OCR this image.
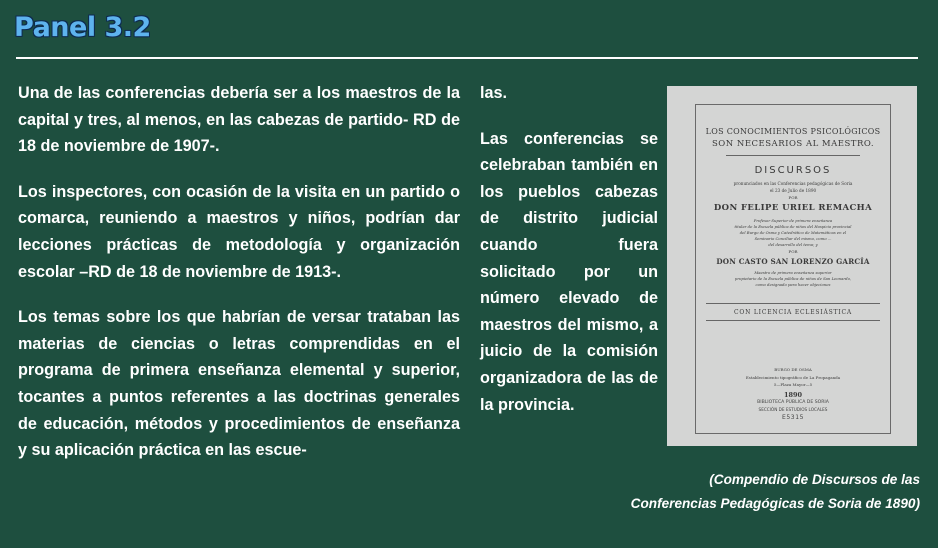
Panel 3.2

Una de las conferencias debería ser a los maestros de la capital y tres, al menos, en las cabezas de partido- RD de 18 de noviembre de 1907-.

Los inspectores, con ocasión de la visita en un partido o comarca, reuniendo a maestros y niños, podrían dar lecciones prácticas de metodología y organización escolar –RD de 18 de noviembre de 1913-.

Los temas sobre los que habrían de versar trataban las materias de ciencias o letras comprendidas en el programa de primera enseñanza elemental y superior, tocantes a puntos referentes a las doctrinas generales de educación, métodos y procedimientos de enseñanza y su aplicación práctica en las escue-

las.

Las conferencias se celebraban también en los pueblos cabezas de distrito judicial cuando fuera solicitado por un número elevado de maestros del mismo, a juicio de la comisión organizadora de las de la provincia.

LOS CONOCIMIENTOS PSICOLÓGICOS
SON NECESARIOS AL MAESTRO.
DISCURSOS
pronunciados en las Conferencias pedagógicas de Soria
el 23 de Julio de 1890
POR
DON FELIPE URIEL REMACHA
Profesor Superior de primera enseñanza
titular de la Escuela pública de niños del Hospicio provincial
del Burgo de Osma y Catedrático de Matemáticas en el
Seminario Conciliar del mismo, como ...
del desarrollo del tema; y
POR
DON CASTO SAN LORENZO GARCÍA
Maestro de primera enseñanza superior
propietario de la Escuela pública de niños de San Leonardo,
como designado para hacer objeciones
CON LICENCIA ECLESIÁSTICA
BURGO DE OSMA
Establecimiento tipográfico de La Propaganda
5—Plaza Mayor—5
1890
BIBLIOTECA PÚBLICA DE SORIA
SECCIÓN DE ESTUDIOS LOCALES
E5315
(Compendio de Discursos de las
Conferencias Pedagógicas de Soria de 1890)
